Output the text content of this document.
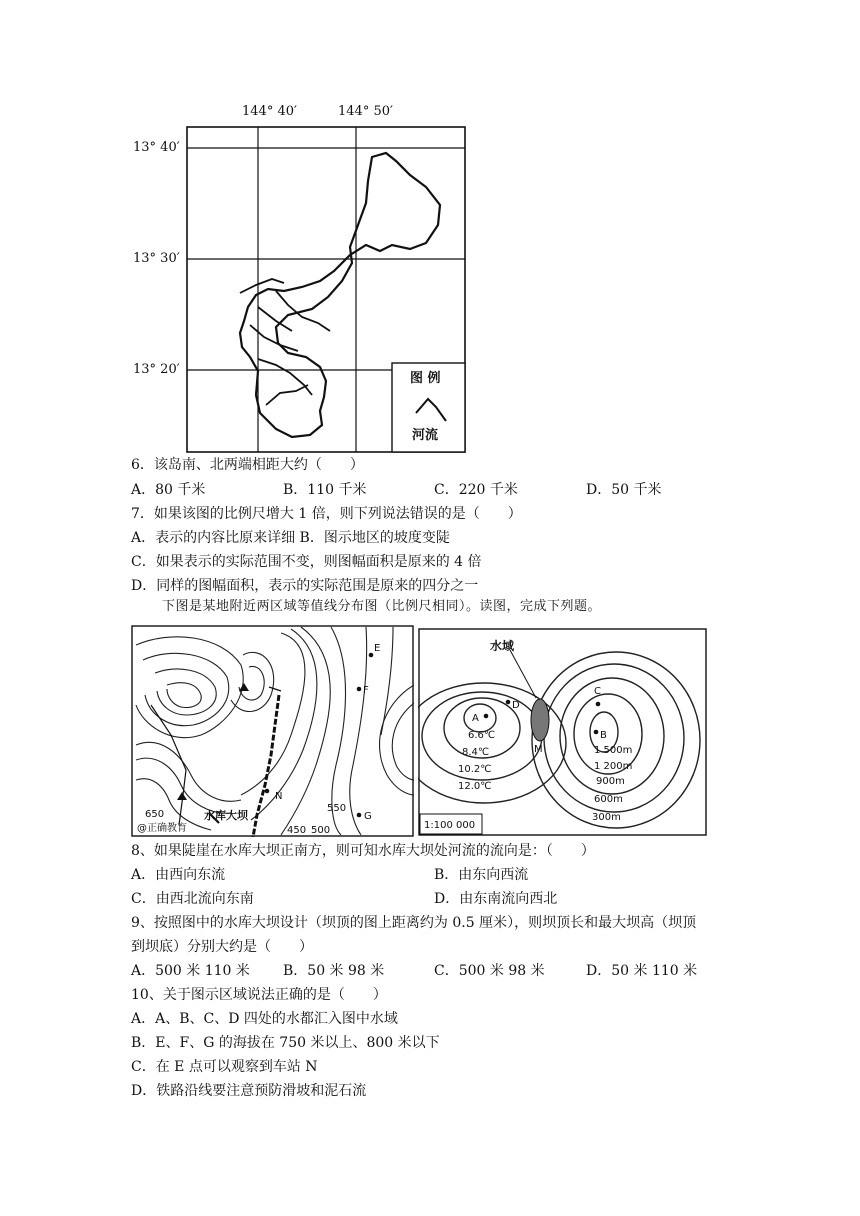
144° 40′	144° 50′
图 例
河流
13° 40′
13° 30′
13° 20′
6．该岛南、北两端相距大约（　　）
A．80 千米	B．110 千米	C．220 千米	D．50 千米
7．如果该图的比例尺增大 1 倍，则下列说法错误的是（　　）
A．表示的内容比原来详细 B．图示地区的坡度变陡
C．如果表示的实际范围不变，则图幅面积是原来的 4 倍
D．同样的图幅面积，表示的实际范围是原来的四分之一
下图是某地附近两区域等值线分布图（比例尺相同）。读图，完成下列题。
E
F
G
N
650	水库大坝
450 500
550
@正确教育
水域
A
D
C
B
M
6.6℃
8.4℃
10.2℃
12.0℃
1 500m
1 200m
900m
600m
300m
1:100 000
8、如果陡崖在水库大坝正南方，则可知水库大坝处河流的流向是：（　　）
A．由西向东流	B．由东向西流
C．由西北流向东南	D．由东南流向西北
9、按照图中的水库大坝设计（坝顶的图上距离约为 0.5 厘米），则坝顶长和最大坝高（坝顶
到坝底）分别大约是（　　）
A．500 米 110 米 B．50 米 98 米	C．500 米 98 米	D．50 米 110 米
10、关于图示区域说法正确的是（　　）
A．A、B、C、D 四处的水都汇入图中水域
B．E、F、G 的海拔在 750 米以上、800 米以下
C．在 E 点可以观察到车站 N
D．铁路沿线要注意预防滑坡和泥石流
